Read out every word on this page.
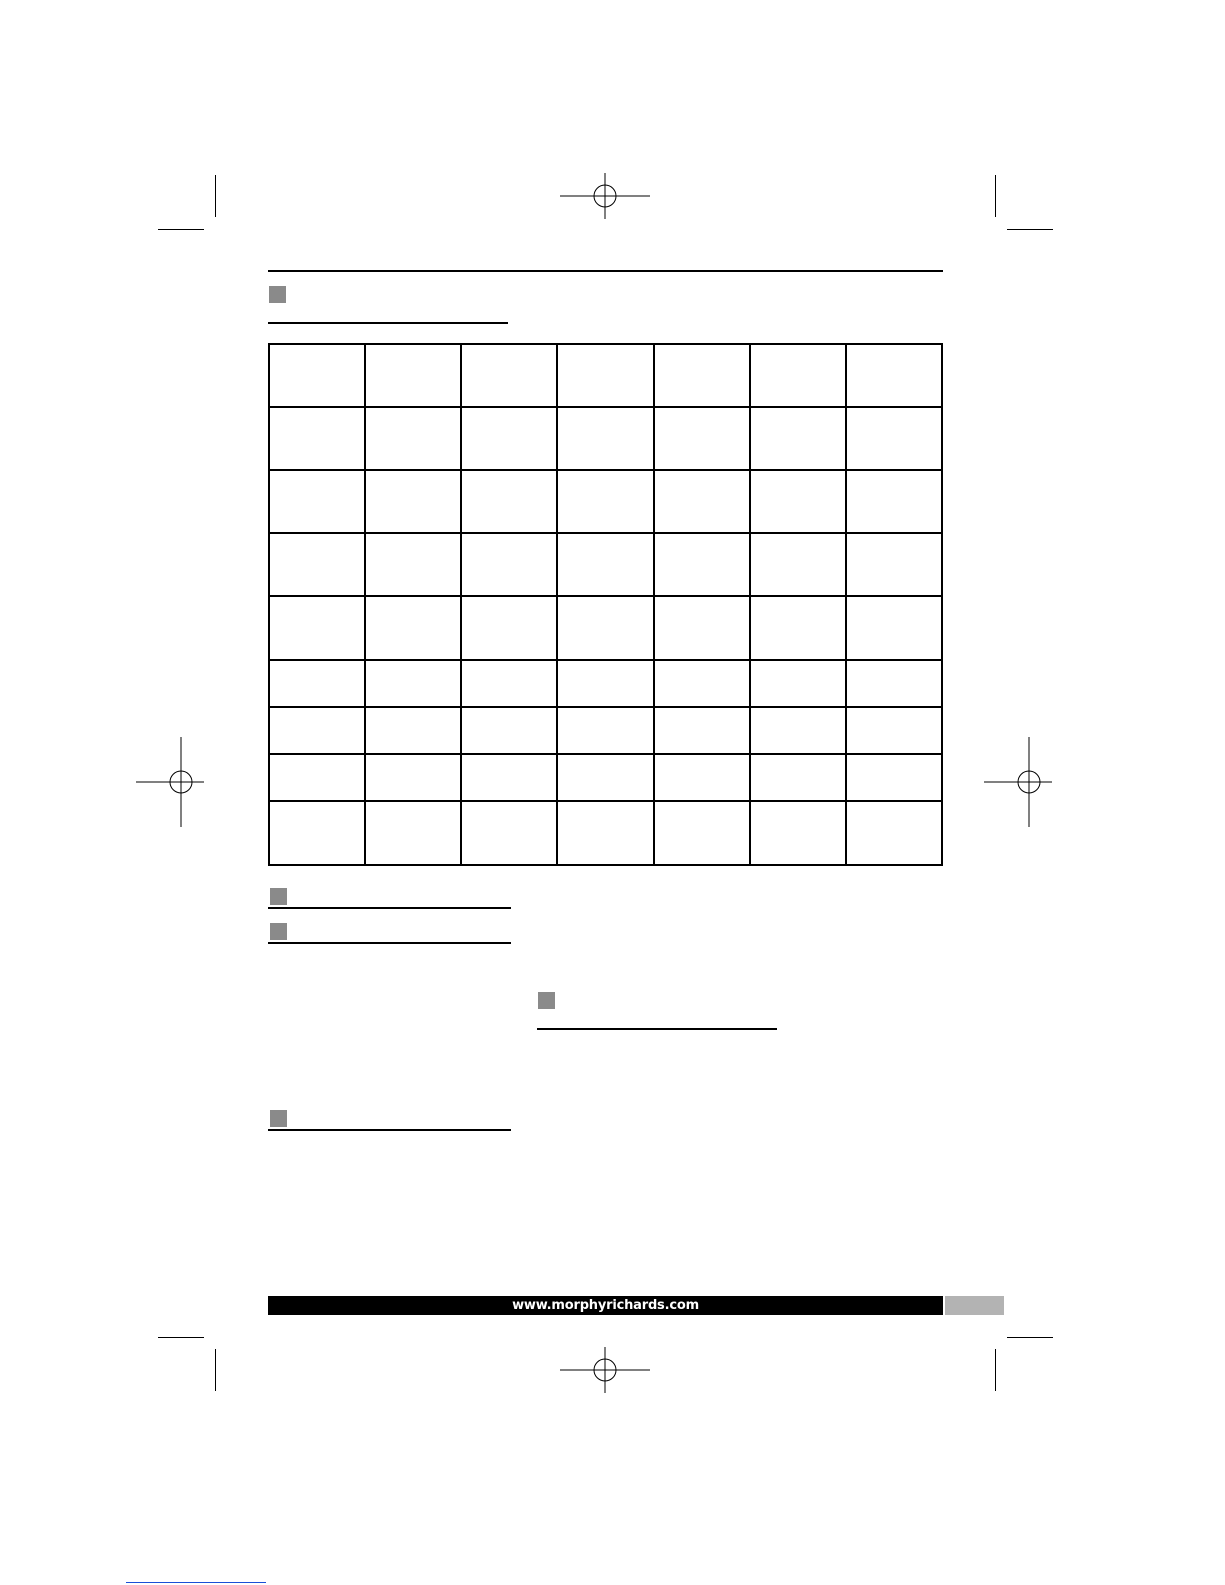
www.morphyrichards.com
